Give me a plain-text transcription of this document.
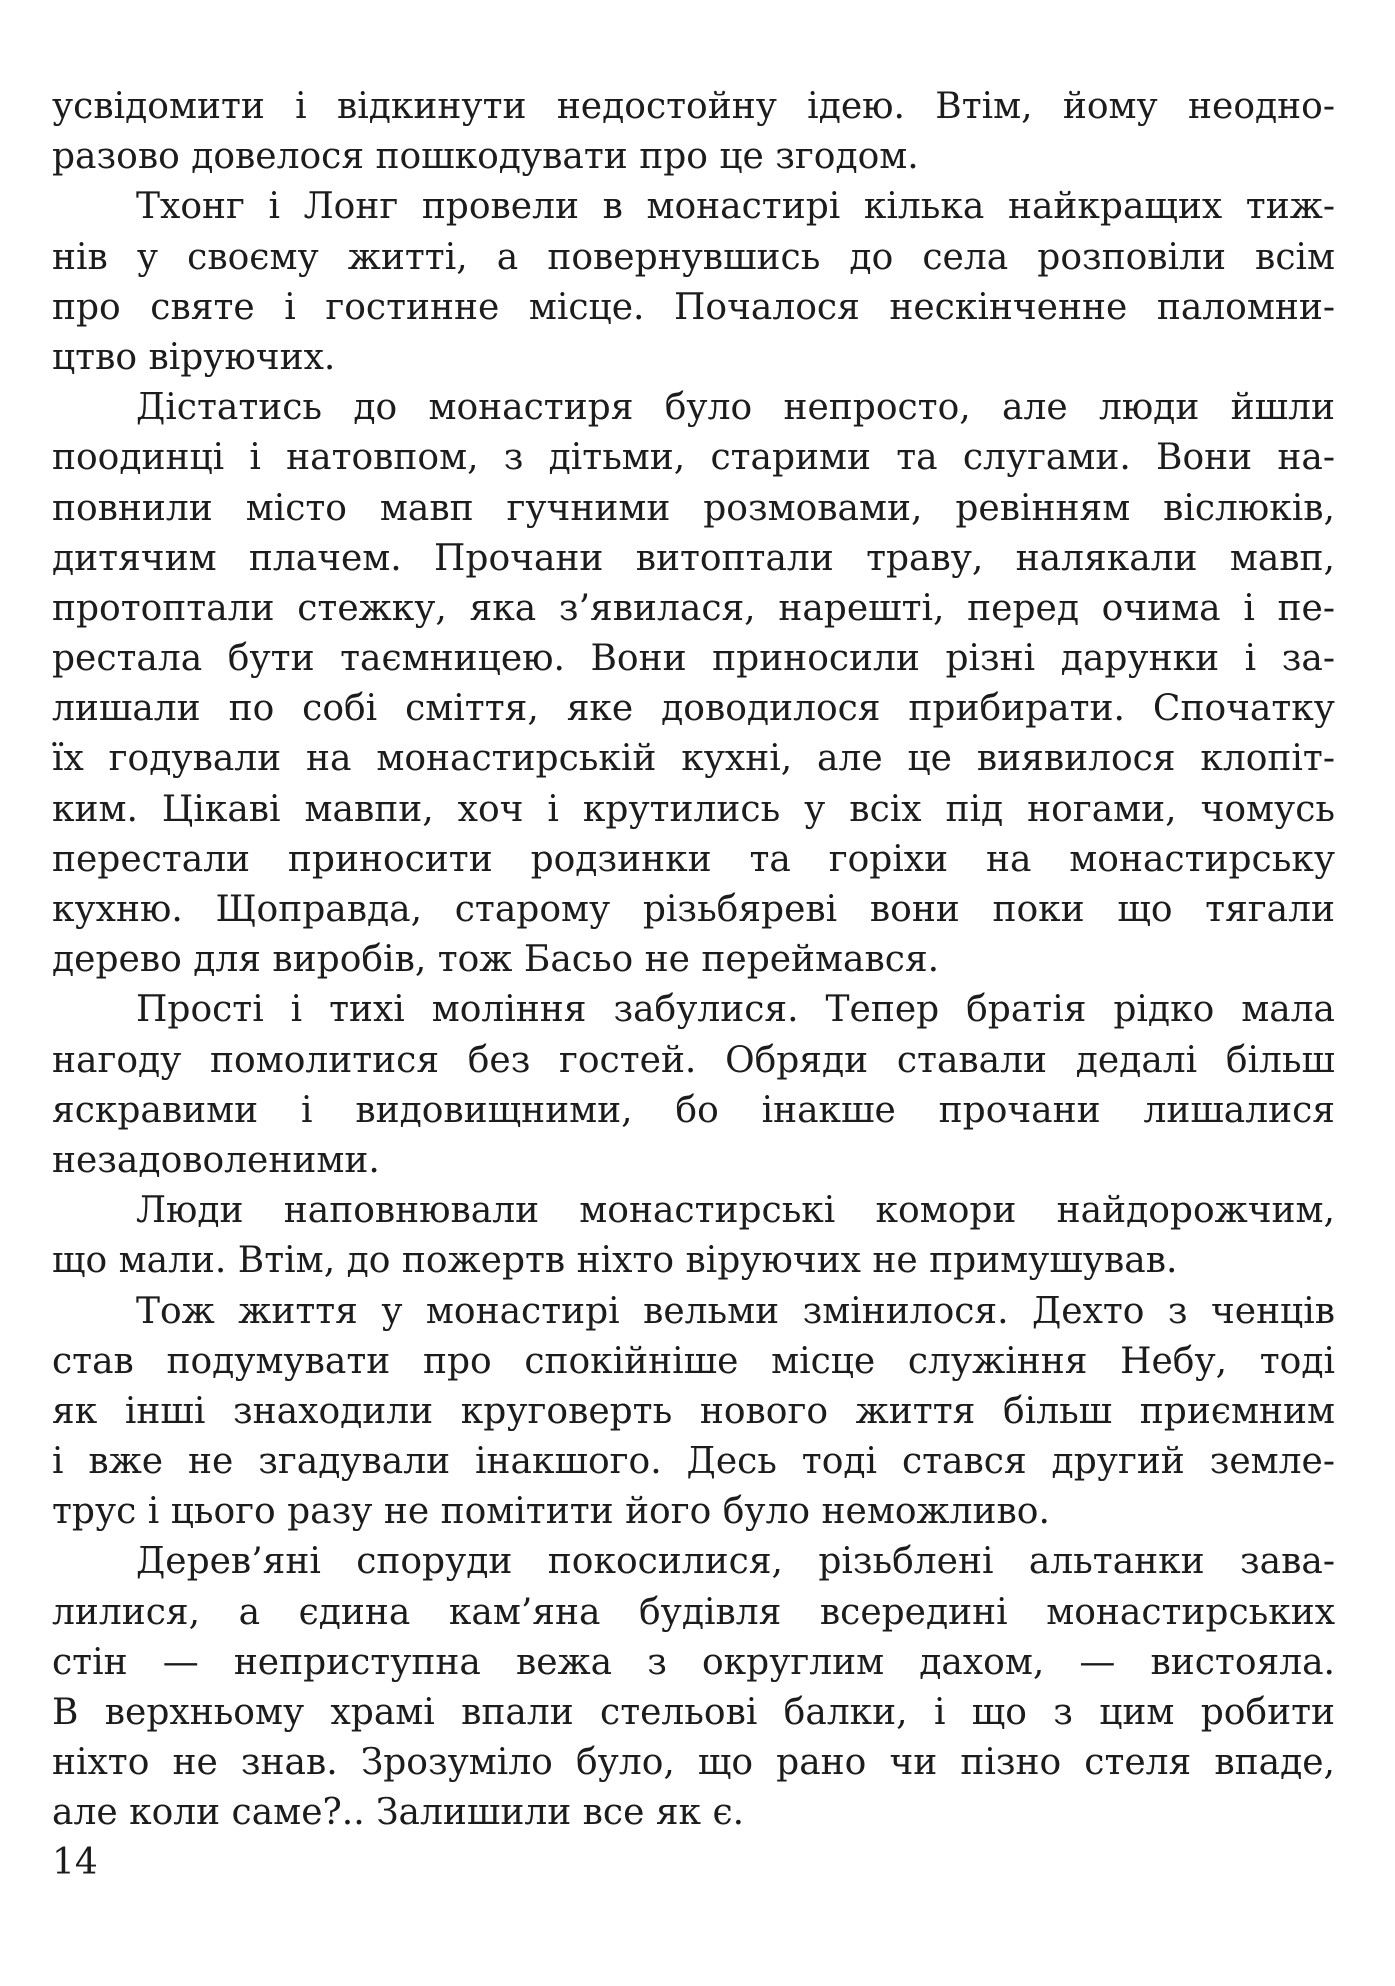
усвідомити і відкинути недостойну ідею. Втім, йому неодно-
разово довелося пошкодувати про це згодом.
Тхонг і Лонг провели в монастирі кілька найкращих тиж-
нів у своєму житті, а повернувшись до села розповіли всім
про святе і гостинне місце. Почалося нескінченне паломни-
цтво віруючих.
Дістатись до монастиря було непросто, але люди йшли
поодинці і натовпом, з дітьми, старими та слугами. Вони на-
повнили місто мавп гучними розмовами, ревінням віслюків,
дитячим плачем. Прочани витоптали траву, налякали мавп,
протоптали стежку, яка з’явилася, нарешті, перед очима і пе-
рестала бути таємницею. Вони приносили різні дарунки і за-
лишали по собі сміття, яке доводилося прибирати. Спочатку
їх годували на монастирській кухні, але це виявилося клопіт-
ким. Цікаві мавпи, хоч і крутились у всіх під ногами, чомусь
перестали приносити родзинки та горіхи на монастирську
кухню. Щоправда, старому різьбяреві вони поки що тягали
дерево для виробів, тож Басьо не переймався.
Прості і тихі моління забулися. Тепер братія рідко мала
нагоду помолитися без гостей. Обряди ставали дедалі більш
яскравими і видовищними, бо інакше прочани лишалися
незадоволеними.
Люди наповнювали монастирські комори найдорожчим,
що мали. Втім, до пожертв ніхто віруючих не примушував.
Тож життя у монастирі вельми змінилося. Дехто з ченців
став подумувати про спокійніше місце служіння Небу, тоді
як інші знаходили круговерть нового життя більш приємним
і вже не згадували інакшого. Десь тоді стався другий земле-
трус і цього разу не помітити його було неможливо.
Дерев’яні споруди покосилися, різьблені альтанки зава-
лилися, а єдина кам’яна будівля всередині монастирських
стін — неприступна вежа з округлим дахом, — вистояла.
В верхньому храмі впали стельові балки, і що з цим робити
ніхто не знав. Зрозуміло було, що рано чи пізно стеля впаде,
але коли саме?.. Залишили все як є.
14
